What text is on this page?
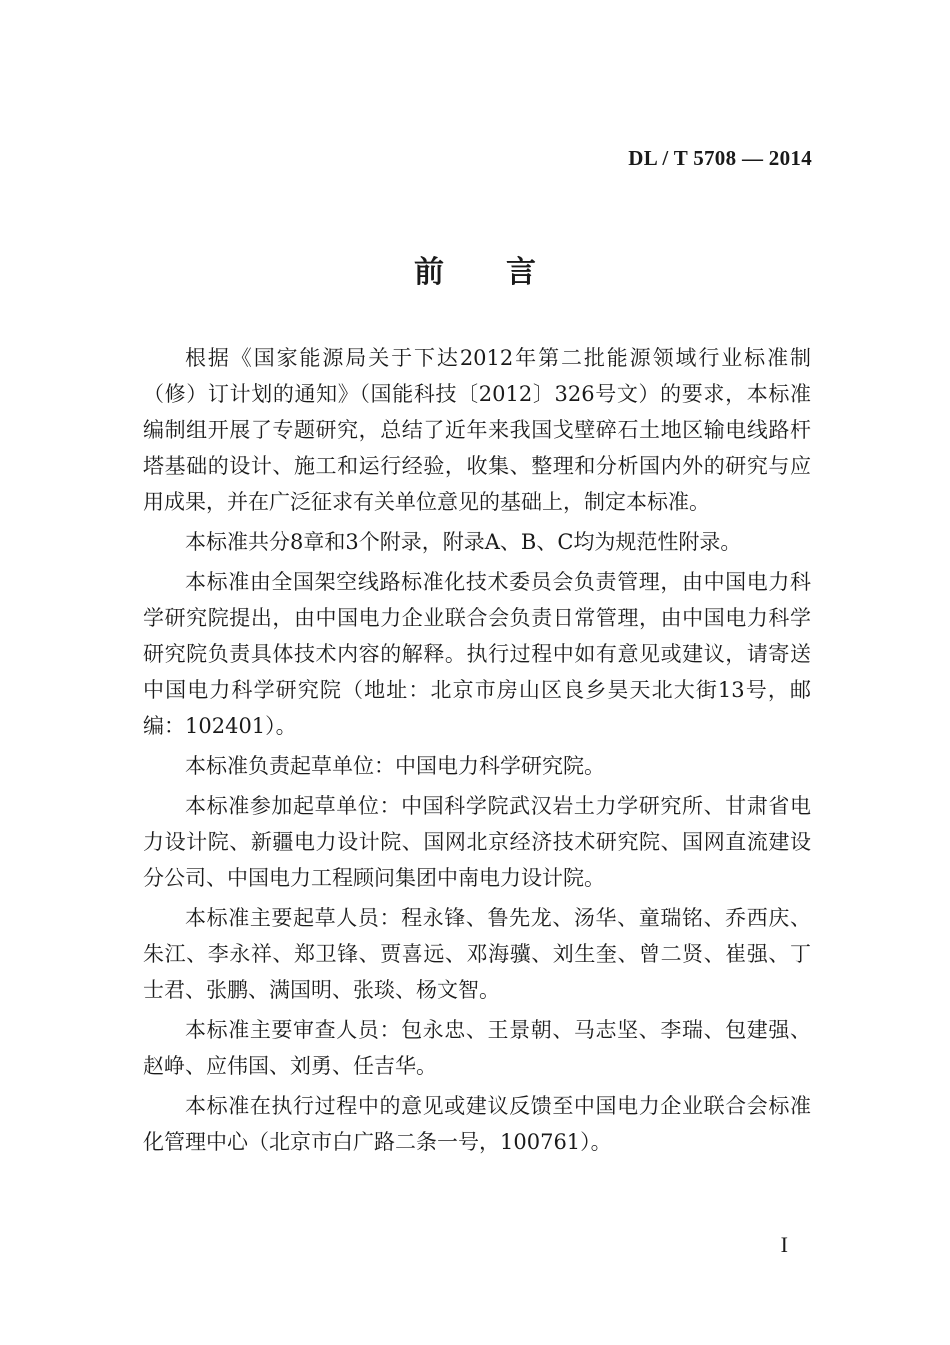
DL / T 5708 — 2014
前言

根据《国家能源局关于下达2012年第二批能源领域行业标准制（修）订计划的通知》（国能科技〔2012〕326号文）的要求，本标准编制组开展了专题研究，总结了近年来我国戈壁碎石土地区输电线路杆塔基础的设计、施工和运行经验，收集、整理和分析国内外的研究与应用成果，并在广泛征求有关单位意见的基础上，制定本标准。

本标准共分8章和3个附录，附录A、B、C均为规范性附录。

本标准由全国架空线路标准化技术委员会负责管理，由中国电力科学研究院提出，由中国电力企业联合会负责日常管理，由中国电力科学研究院负责具体技术内容的解释。执行过程中如有意见或建议，请寄送中国电力科学研究院（地址：北京市房山区良乡昊天北大街13号，邮编：102401）。

本标准负责起草单位：中国电力科学研究院。

本标准参加起草单位：中国科学院武汉岩土力学研究所、甘肃省电力设计院、新疆电力设计院、国网北京经济技术研究院、国网直流建设分公司、中国电力工程顾问集团中南电力设计院。

本标准主要起草人员：程永锋、鲁先龙、汤华、童瑞铭、乔西庆、朱江、李永祥、郑卫锋、贾喜远、邓海骥、刘生奎、曾二贤、崔强、丁士君、张鹏、满国明、张琰、杨文智。

本标准主要审查人员：包永忠、王景朝、马志坚、李瑞、包建强、赵峥、应伟国、刘勇、任吉华。

本标准在执行过程中的意见或建议反馈至中国电力企业联合会标准化管理中心（北京市白广路二条一号，100761）。

I
